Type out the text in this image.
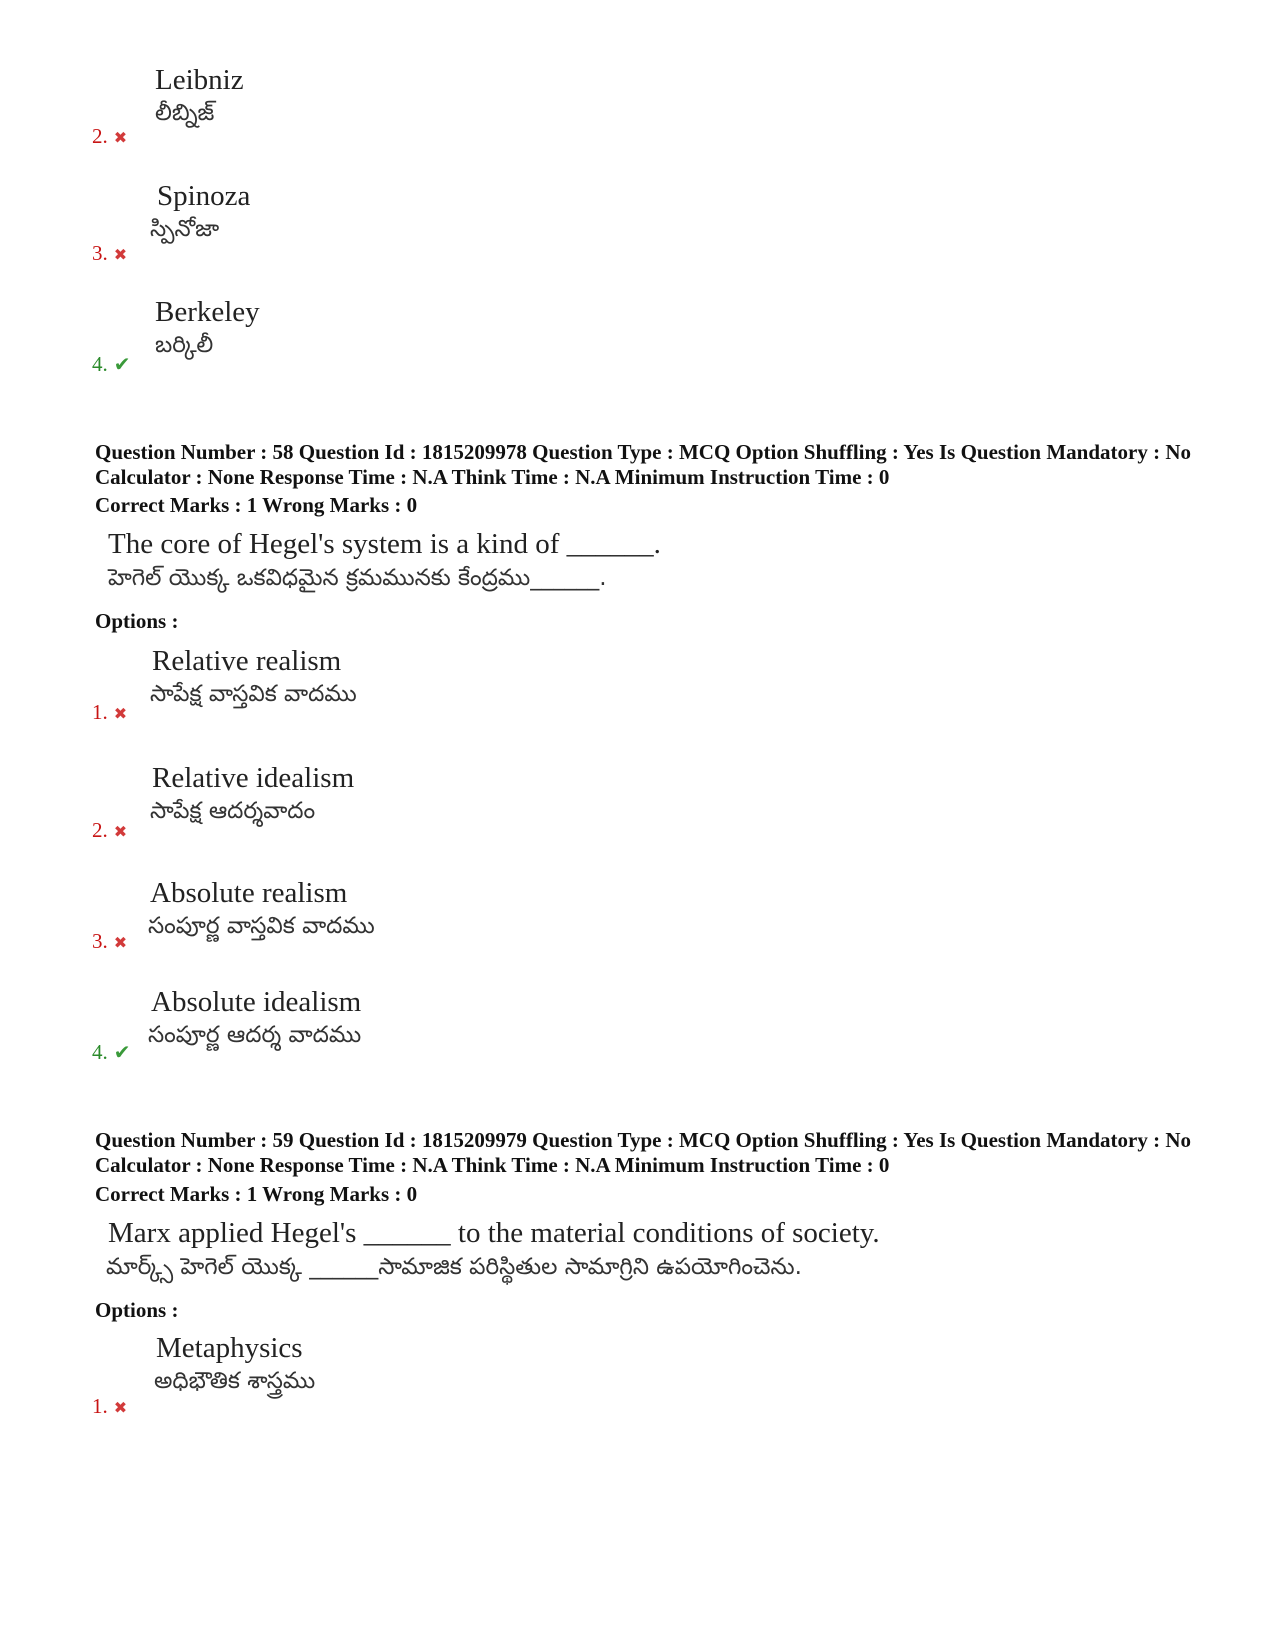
Leibniz
లీబ్నిజ్
2. ✖
Spinoza
స్పినోజా
3. ✖
Berkeley
బర్కిలీ
4. ✔
Question Number : 58 Question Id : 1815209978 Question Type : MCQ Option Shuffling : Yes Is Question Mandatory : No Calculator : None Response Time : N.A Think Time : N.A Minimum Instruction Time : 0
Correct Marks : 1 Wrong Marks : 0
The core of Hegel's system is a kind of ______.
హెగెల్ యొక్క ఒకవిధమైన క్రమమునకు కేంద్రము______.
Options :
Relative realism
సాపేక్ష వాస్తవిక వాదము
1. ✖
Relative idealism
సాపేక్ష ఆదర్శవాదం
2. ✖
Absolute realism
సంపూర్ణ వాస్తవిక వాదము
3. ✖
Absolute idealism
సంపూర్ణ ఆదర్శ వాదము
4. ✔
Question Number : 59 Question Id : 1815209979 Question Type : MCQ Option Shuffling : Yes Is Question Mandatory : No Calculator : None Response Time : N.A Think Time : N.A Minimum Instruction Time : 0
Correct Marks : 1 Wrong Marks : 0
Marx applied Hegel's ______ to the material conditions of society.
మార్క్స్ హెగెల్ యొక్క ______సామాజిక పరిస్థితుల సామాగ్రిని ఉపయోగించెను.
Options :
Metaphysics
అధిభౌతిక శాస్త్రము
1. ✖
